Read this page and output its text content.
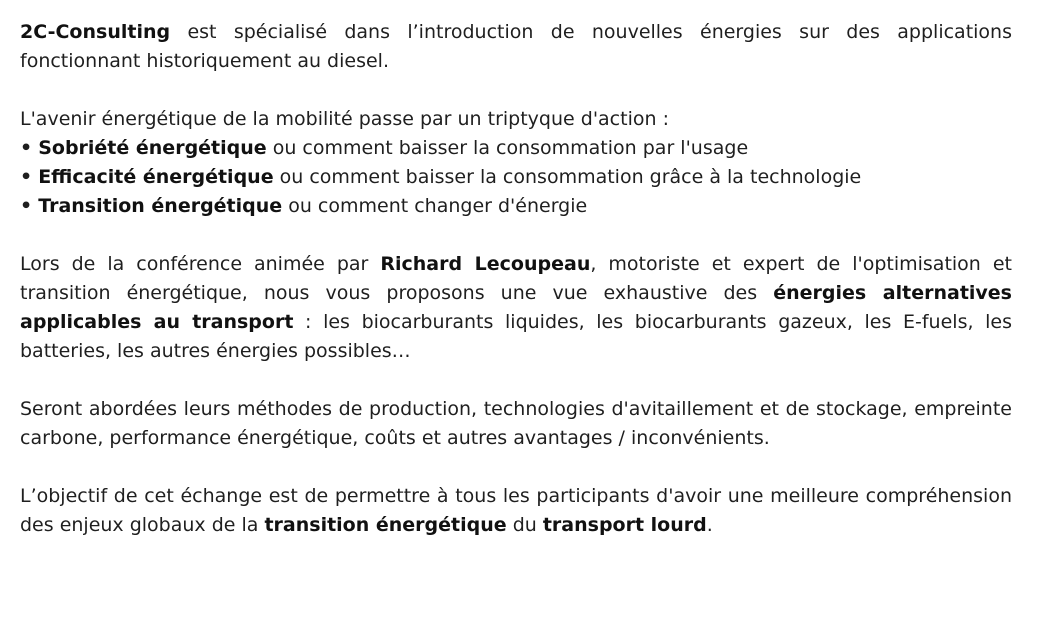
2C-Consulting est spécialisé dans l’introduction de nouvelles énergies sur des applications fonctionnant historiquement au diesel.

L'avenir énergétique de la mobilité passe par un triptyque d'action :
• Sobriété énergétique ou comment baisser la consommation par l'usage
• Efficacité énergétique ou comment baisser la consommation grâce à la technologie
• Transition énergétique ou comment changer d'énergie

Lors de la conférence animée par Richard Lecoupeau, motoriste et expert de l'optimisation et transition énergétique, nous vous proposons une vue exhaustive des énergies alternatives applicables au transport : les biocarburants liquides, les biocarburants gazeux, les E-fuels, les batteries, les autres énergies possibles…

Seront abordées leurs méthodes de production, technologies d'avitaillement et de stockage, empreinte carbone, performance énergétique, coûts et autres avantages / inconvénients.

L’objectif de cet échange est de permettre à tous les participants d'avoir une meilleure compréhension des enjeux globaux de la transition énergétique du transport lourd.
